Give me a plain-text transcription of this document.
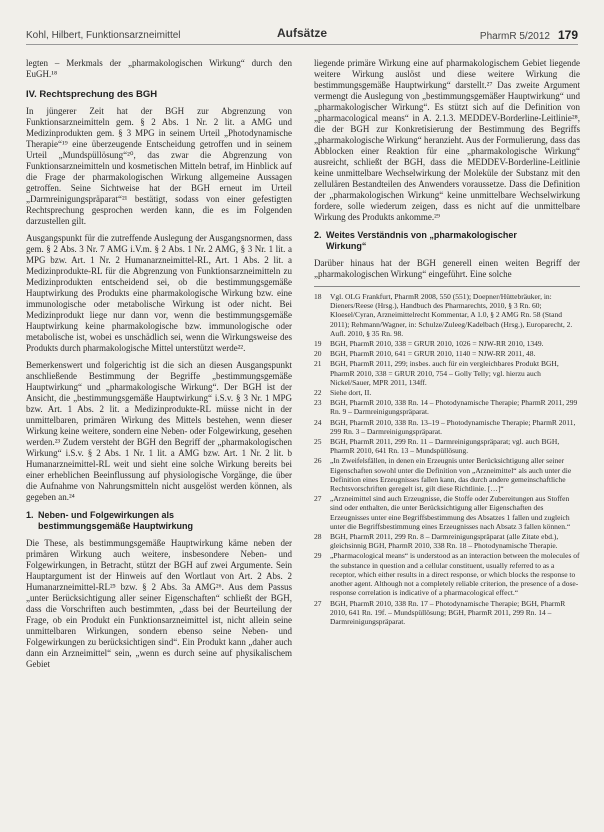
Kohl, Hilbert, Funktionsarzneimittel	Aufsätze	PharmR 5/2012 179

legten – Merkmals der „pharmakologischen Wirkung“ durch den EuGH.¹⁸

IV. Rechtsprechung des BGH

In jüngerer Zeit hat der BGH zur Abgrenzung von Funktionsarzneimitteln gem. § 2 Abs. 1 Nr. 2 lit. a AMG und Medizinprodukten gem. § 3 MPG in seinem Urteil „Photodynamische Therapie“¹⁹ eine überzeugende Entscheidung getroffen und in seinem Urteil „Mundspüllösung“²⁰, das zwar die Abgrenzung von Funktionsarzneimitteln und kosmetischen Mitteln betraf, im Hinblick auf die Frage der pharmakologischen Wirkung allgemeine Aussagen getroffen. Seine Sichtweise hat der BGH erneut im Urteil „Darmreinigungspräparat“²¹ bestätigt, sodass von einer gefestigten Rechtsprechung gesprochen werden kann, die es im Folgenden darzustellen gilt.

Ausgangspunkt für die zutreffende Auslegung der Ausgangsnormen, dass gem. § 2 Abs. 3 Nr. 7 AMG i.V.m. § 2 Abs. 1 Nr. 2 AMG, § 3 Nr. 1 lit. a MPG bzw. Art. 1 Nr. 2 Humanarzneimittel-RL, Art. 1 Abs. 2 lit. a Medizinprodukte-RL für die Abgrenzung von Funktionsarzneimitteln zu Medizinprodukten entscheidend sei, ob die bestimmungsgemäße Hauptwirkung des Produkts eine pharmakologische Wirkung bzw. eine immunologische oder metabolische Wirkung ist oder nicht. Bei Medizinprodukt liege nur dann vor, wenn die bestimmungsgemäße Hauptwirkung keine pharmakologische bzw. immunologische oder metabolische ist, wobei es unschädlich sei, wenn die Wirkungsweise des Produkts durch pharmakologische Mittel unterstützt werde²².

Bemerkenswert und folgerichtig ist die sich an diesen Ausgangspunkt anschließende Bestimmung der Begriffe „bestimmungsgemäße Hauptwirkung“ und „pharmakologische Wirkung“. Der BGH ist der Ansicht, die „bestimmungsgemäße Hauptwirkung“ i.S.v. § 3 Nr. 1 MPG bzw. Art. 1 Abs. 2 lit. a Medizinprodukte-RL müsse nicht in der unmittelbaren, primären Wirkung des Mittels bestehen, wenn dieser Wirkung keine weitere, sondern eine Neben- oder Folgewirkung, gesehen werden.²³ Zudem versteht der BGH den Begriff der „pharmakologischen Wirkung“ i.S.v. § 2 Abs. 1 Nr. 1 lit. a AMG bzw. Art. 1 Nr. 2 lit. b Humanarzneimittel-RL weit und sieht eine solche Wirkung bereits bei einer erheblichen Beeinflussung auf physiologische Vorgänge, die über die Aufnahme von Nahrungsmitteln nicht ausgelöst werden können, als gegeben an.²⁴

1. Neben- und Folgewirkungen als
bestimmungsgemäße Hauptwirkung

Die These, als bestimmungsgemäße Hauptwirkung käme neben der primären Wirkung auch weitere, insbesondere Neben- und Folgewirkungen, in Betracht, stützt der BGH auf zwei Argumente. Sein Hauptargument ist der Hinweis auf den Wortlaut von Art. 2 Abs. 2 Humanarzneimittel-RL²⁵ bzw. § 2 Abs. 3a AMG²⁶. Aus dem Passus „unter Berücksichtigung aller seiner Eigenschaften“ schließt der BGH, dass die Vorschriften auch bestimmten, „dass bei der Beurteilung der Frage, ob ein Produkt ein Funktionsarzneimittel ist, nicht allein seine unmittelbaren Wirkungen, sondern ebenso seine Neben- und Folgewirkungen zu berücksichtigen sind“. Ein Produkt kann „daher auch dann ein Arzneimittel“ sein, „wenn es durch seine auf physikalischem Gebiet

liegende primäre Wirkung eine auf pharmakologischem Gebiet liegende weitere Wirkung auslöst und diese weitere Wirkung die bestimmungsgemäße Hauptwirkung“ darstellt.²⁷ Das zweite Argument vermengt die Auslegung von „bestimmungsgemäßer Hauptwirkung“ und „pharmakologischer Wirkung“. Es stützt sich auf die Definition von „pharmacological means“ in A. 2.1.3. MEDDEV-Borderline-Leitlinie²⁸, die der BGH zur Konkretisierung der Bestimmung des Begriffs „pharmakologische Wirkung“ heranzieht. Aus der Formulierung, dass das Abblocken einer Reaktion für eine „pharmakologische Wirkung“ ausreicht, schließt der BGH, dass die MEDDEV-Borderline-Leitlinie keine unmittelbare Wechselwirkung der Moleküle der Substanz mit den zellulären Bestandteilen des Anwenders voraussetze. Dass die Definition der „pharmakologischen Wirkung“ keine unmittelbare Wechselwirkung fordere, solle wiederum zeigen, dass es nicht auf die unmittelbare Wirkung des Produkts ankomme.²⁹

2. Weites Verständnis von „pharmakologischer
Wirkung“

Darüber hinaus hat der BGH generell einen weiten Begriff der „pharmakologischen Wirkung“ eingeführt. Eine solche

18	Vgl. OLG Frankfurt, PharmR 2008, 550 (551); Doepner/Hüttebräuker, in: Dieners/Reese (Hrsg.), Handbuch des Pharmarechts, 2010, § 3 Rn. 60; Kloesel/Cyran, Arzneimittelrecht Kommentar, A 1.0, § 2 AMG Rn. 58 (Stand 2011); Rehmann/Wagner, in: Schulze/Zuleeg/Kadelbach (Hrsg.), Europarecht, 2. Aufl. 2010, § 35 Rn. 98.
19	BGH, PharmR 2010, 338 = GRUR 2010, 1026 = NJW-RR 2010, 1349.
20	BGH, PharmR 2010, 641 = GRUR 2010, 1140 = NJW-RR 2011, 48.
21	BGH, PharmR 2011, 299; insbes. auch für ein vergleichbares Produkt BGH, PharmR 2010, 338 = GRUR 2010, 754 – Golly Telly; vgl. hierzu auch Nickel/Sauer, MPR 2011, 134ff.
22	Siehe dort, II.
23	BGH, PharmR 2010, 338 Rn. 14 – Photodynamische Therapie; PharmR 2011, 299 Rn. 9 – Darmreinigungspräparat.
24	BGH, PharmR 2010, 338 Rn. 13–19 – Photodynamische Therapie; PharmR 2011, 299 Rn. 3 – Darmreinigungspräparat.
25	BGH, PharmR 2011, 299 Rn. 11 – Darmreinigungspräparat; vgl. auch BGH, PharmR 2010, 641 Rn. 13 – Mundspüllösung.
26	„In Zweifelsfällen, in denen ein Erzeugnis unter Berücksichtigung aller seiner Eigenschaften sowohl unter die Definition von „Arzneimittel“ als auch unter die Definition eines Erzeugnisses fallen kann, das durch andere gemeinschaftliche Rechtsvorschriften geregelt ist, gilt diese Richtlinie. […]“
27	„Arzneimittel sind auch Erzeugnisse, die Stoffe oder Zubereitungen aus Stoffen sind oder enthalten, die unter Berücksichtigung aller Eigenschaften des Erzeugnisses unter eine Begriffsbestimmung des Absatzes 1 fallen und zugleich unter die Begriffsbestimmung eines Erzeugnisses nach Absatz 3 fallen können.“
28	BGH, PharmR 2011, 299 Rn. 8 – Darmreinigungspräparat (alle Zitate ebd.), gleichsinnig BGH, PharmR 2010, 338 Rn. 18 – Photodynamische Therapie.
29	„Pharmacological means“ is understood as an interaction between the molecules of the substance in question and a cellular constituent, usually referred to as a receptor, which either results in a direct response, or which blocks the response to another agent. Although not a completely reliable criterion, the presence of a dose-response correlation is indicative of a pharmacological effect.“
27	BGH, PharmR 2010, 338 Rn. 17 – Photodynamische Therapie; BGH, PharmR 2010, 641 Rn. 19f. – Mundspüllösung; BGH, PharmR 2011, 299 Rn. 14 – Darmreinigungspräparat.
